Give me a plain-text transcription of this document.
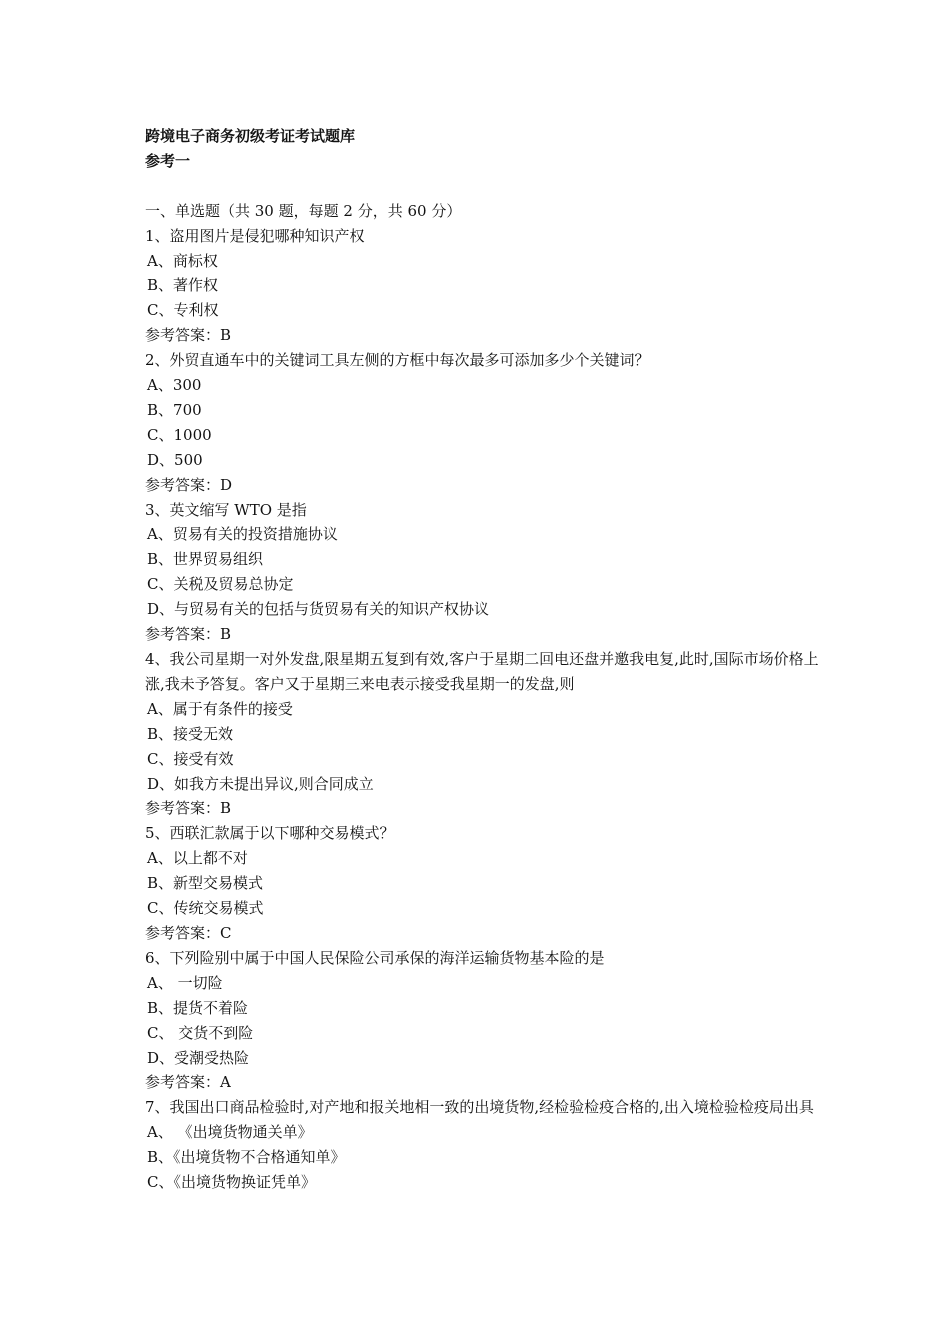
跨境电子商务初级考证考试题库
参考一
一、单选题（共 30 题，每题 2 分，共 60 分）
1、盗用图片是侵犯哪种知识产权
A、商标权
B、著作权
C、专利权
参考答案：B
2、外贸直通车中的关键词工具左侧的方框中每次最多可添加多少个关键词？
A、300
B、700
C、1000
D、500
参考答案：D
3、英文缩写 WTO 是指
A、贸易有关的投资措施协议
B、世界贸易组织
C、关税及贸易总协定
D、与贸易有关的包括与货贸易有关的知识产权协议
参考答案：B
4、我公司星期一对外发盘,限星期五复到有效,客户于星期二回电还盘并邀我电复,此时,国际市场价格上涨,我未予答复。客户又于星期三来电表示接受我星期一的发盘,则
A、属于有条件的接受
B、接受无效
C、接受有效
D、如我方未提出异议,则合同成立
参考答案：B
5、西联汇款属于以下哪种交易模式？
A、以上都不对
B、新型交易模式
C、传统交易模式
参考答案：C
6、下列险别中属于中国人民保险公司承保的海洋运输货物基本险的是
A、 一切险
B、提货不着险
C、 交货不到险
D、受潮受热险
参考答案：A
7、我国出口商品检验时,对产地和报关地相一致的出境货物,经检验检疫合格的,出入境检验检疫局出具
A、 《出境货物通关单》
B、《出境货物不合格通知单》
C、《出境货物换证凭单》
